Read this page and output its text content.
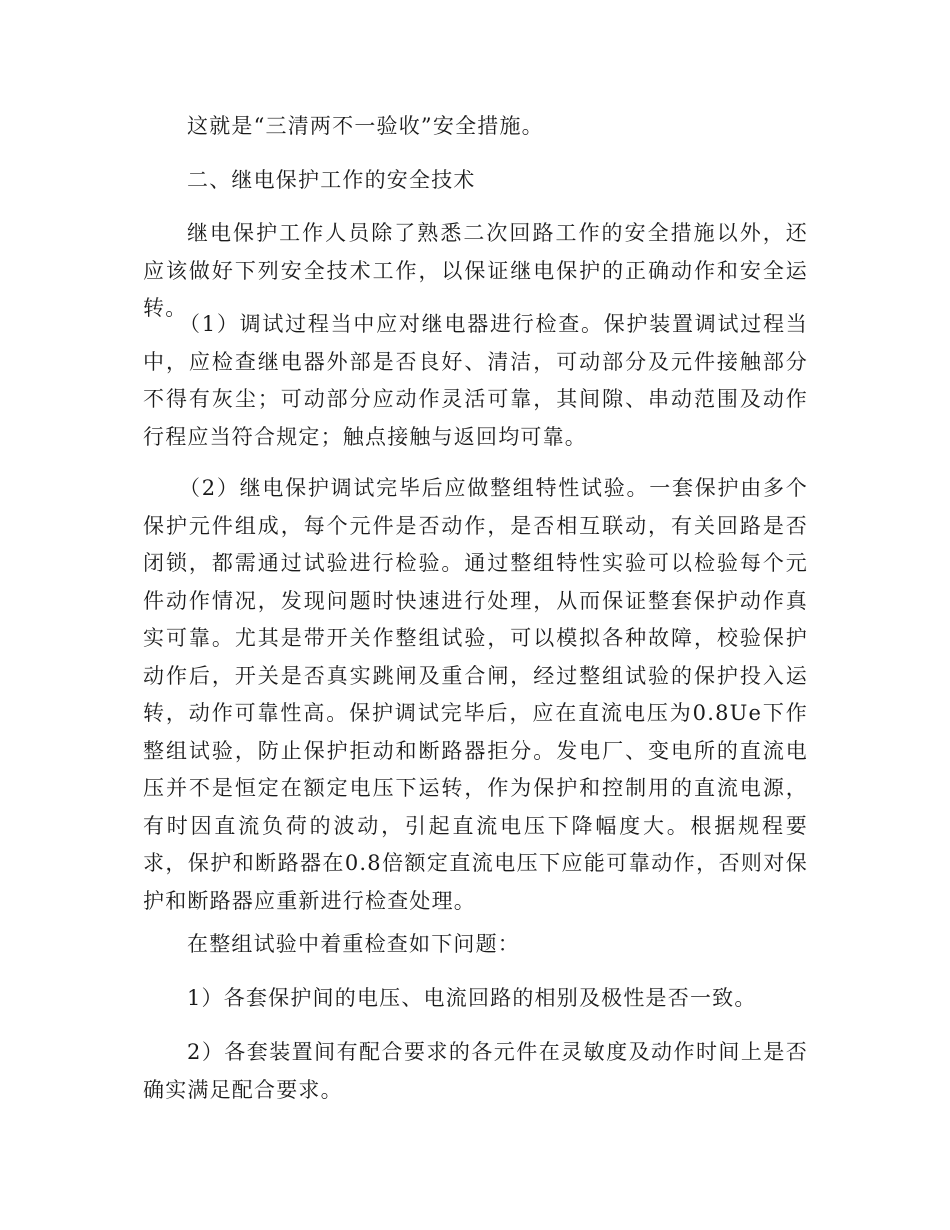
这就是“三清两不一验收”安全措施。

二、继电保护工作的安全技术

继电保护工作人员除了熟悉二次回路工作的安全措施以外，还应该做好下列安全技术工作，以保证继电保护的正确动作和安全运转。

（1）调试过程当中应对继电器进行检查。保护装置调试过程当中，应检查继电器外部是否良好、清洁，可动部分及元件接触部分不得有灰尘；可动部分应动作灵活可靠，其间隙、串动范围及动作行程应当符合规定；触点接触与返回均可靠。

（2）继电保护调试完毕后应做整组特性试验。一套保护由多个保护元件组成，每个元件是否动作，是否相互联动，有关回路是否闭锁，都需通过试验进行检验。通过整组特性实验可以检验每个元件动作情况，发现问题时快速进行处理，从而保证整套保护动作真实可靠。尤其是带开关作整组试验，可以模拟各种故障，校验保护动作后，开关是否真实跳闸及重合闸，经过整组试验的保护投入运转，动作可靠性高。保护调试完毕后，应在直流电压为0.8Ue下作整组试验，防止保护拒动和断路器拒分。发电厂、变电所的直流电压并不是恒定在额定电压下运转，作为保护和控制用的直流电源，有时因直流负荷的波动，引起直流电压下降幅度大。根据规程要求，保护和断路器在0.8倍额定直流电压下应能可靠动作，否则对保护和断路器应重新进行检查处理。

在整组试验中着重检查如下问题：

1）各套保护间的电压、电流回路的相别及极性是否一致。

2）各套装置间有配合要求的各元件在灵敏度及动作时间上是否确实满足配合要求。
